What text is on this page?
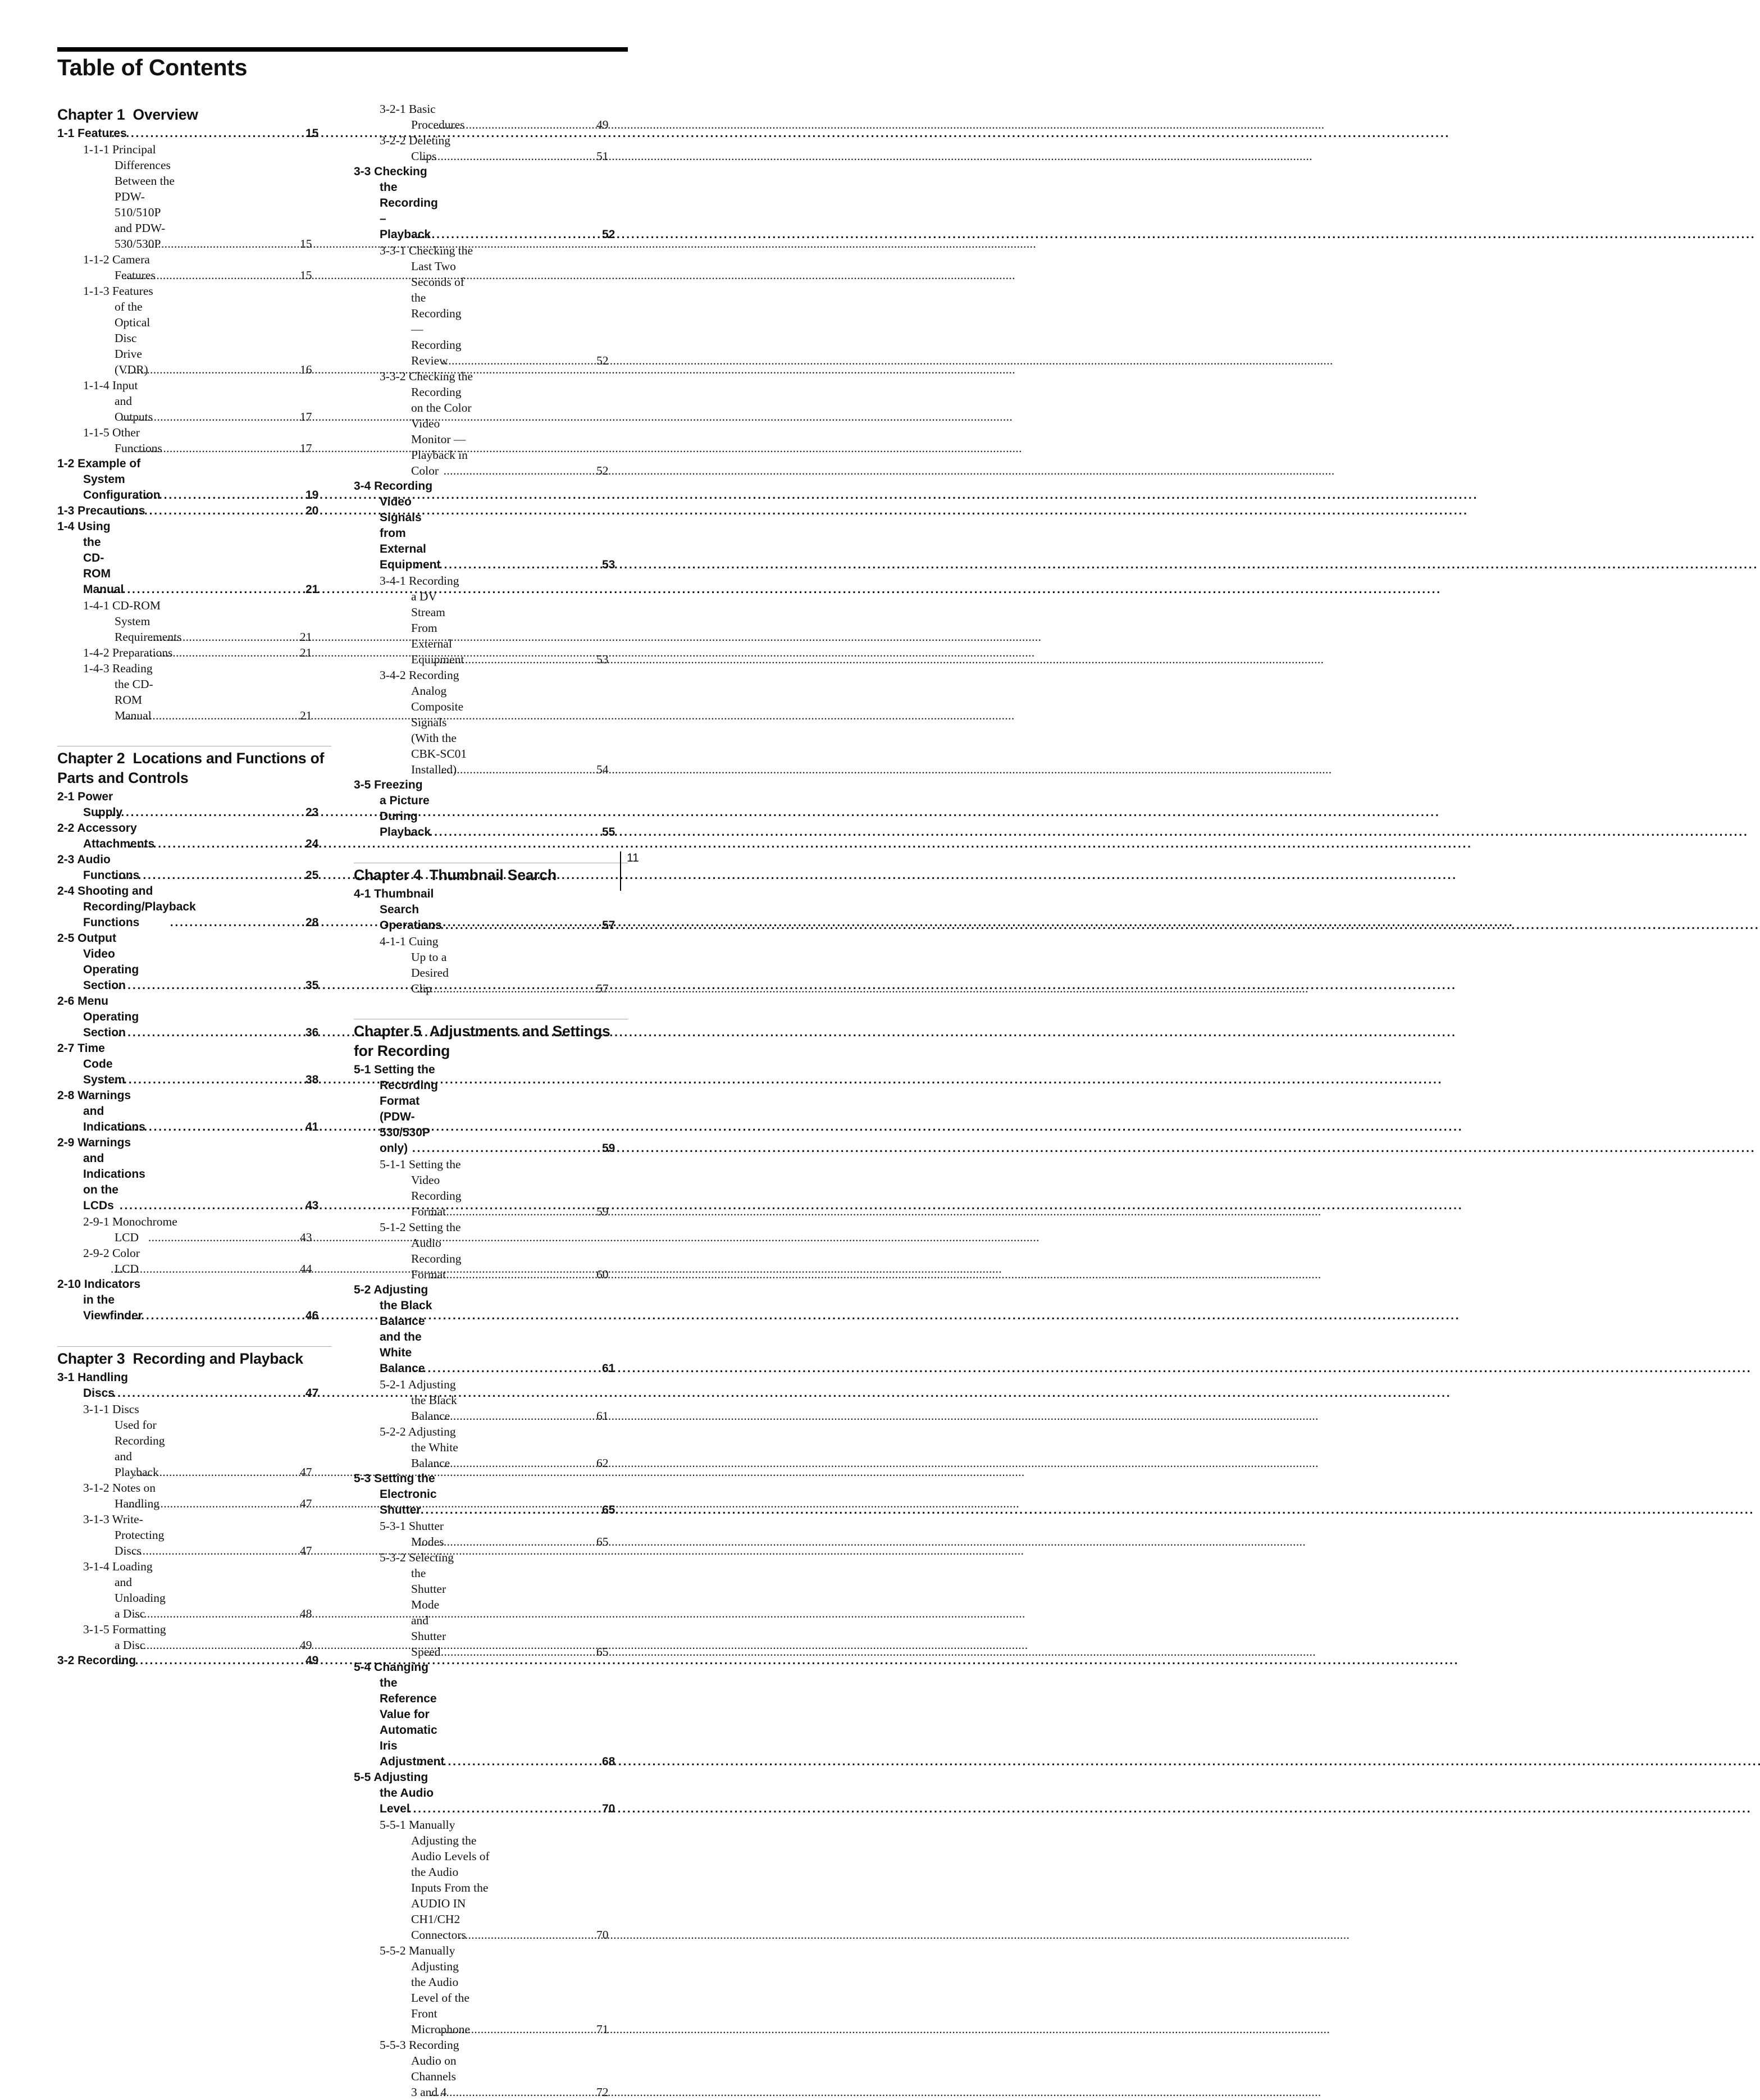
Table of Contents
Chapter 1 Overview
1-1 Features . . .	15
1-1-1 Principal Differences Between the PDW-510/510P and PDW-530/530P . . .	15
1-1-2 Camera Features . . .	15
1-1-3 Features of the Optical Disc Drive (VDR) . . .	16
1-1-4 Input and Outputs . . .	17
1-1-5 Other Functions . . .	17
1-2 Example of System Configuration . . .	19
1-3 Precautions . . .	20
1-4 Using the CD-ROM Manual . . .	21
1-4-1 CD-ROM System Requirements . . .	21
1-4-2 Preparations . . .	21
1-4-3 Reading the CD-ROM Manual . . .	21
Chapter 2 Locations and Functions of Parts and Controls
2-1 Power Supply . . .	23
2-2 Accessory Attachments . . .	24
2-3 Audio Functions . . .	25
2-4 Shooting and Recording/Playback Functions . . .	28
2-5 Output Video Operating Section . . .	35
2-6 Menu Operating Section . . .	36
2-7 Time Code System . . .	38
2-8 Warnings and Indications . . .	41
2-9 Warnings and Indications on the LCDs . . .	43
2-9-1 Monochrome LCD . . .	43
2-9-2 Color LCD . . .	44
2-10 Indicators in the Viewfinder . . .	46
Chapter 3 Recording and Playback
3-1 Handling Discs . . .	47
3-1-1 Discs Used for Recording and Playback . . .	47
3-1-2 Notes on Handling . . .	47
3-1-3 Write-Protecting Discs . . .	47
3-1-4 Loading and Unloading a Disc . . .	48
3-1-5 Formatting a Disc . . .	49
3-2 Recording . . .	49
3-2-1 Basic Procedures . . .	49
3-2-2 Deleting Clips . . .	51
3-3 Checking the Recording – Playback . . .	52
3-3-1 Checking the Last Two Seconds of the Recording — Recording Review . . .	52
3-3-2 Checking the Recording on the Color Video Monitor — Playback in Color . . .	52
3-4 Recording Video Signals from External Equipment . . .	53
3-4-1 Recording a DV Stream From External Equipment . . .	53
3-4-2 Recording Analog Composite Signals (With the CBK-SC01 Installed) . . .	54
3-5 Freezing a Picture During Playback . . .	55
Chapter 4 Thumbnail Search
4-1 Thumbnail Search Operations . . .	57
4-1-1 Cuing Up to a Desired Clip . . .	57
Chapter 5 Adjustments and Settings for Recording
5-1 Setting the Recording Format (PDW-530/530P only) . . .	59
5-1-1 Setting the Video Recording Format . . .	59
5-1-2 Setting the Audio Recording Format . . .	60
5-2 Adjusting the Black Balance and the White Balance . . .	61
5-2-1 Adjusting the Black Balance . . .	61
5-2-2 Adjusting the White Balance . . .	62
5-3 Setting the Electronic Shutter . . .	65
5-3-1 Shutter Modes . . .	65
5-3-2 Selecting the Shutter Mode and Shutter Speed . . .	65
5-4 Changing the Reference Value for Automatic Iris Adjustment . . .	68
5-5 Adjusting the Audio Level . . .	70
5-5-1 Manually Adjusting the Audio Levels of the Audio Inputs From the AUDIO IN CH1/CH2 Connectors . . .	70
5-5-2 Manually Adjusting the Audio Level of the Front Microphone . . .	71
5-5-3 Recording Audio on Channels 3 and 4 . . .	72
11
